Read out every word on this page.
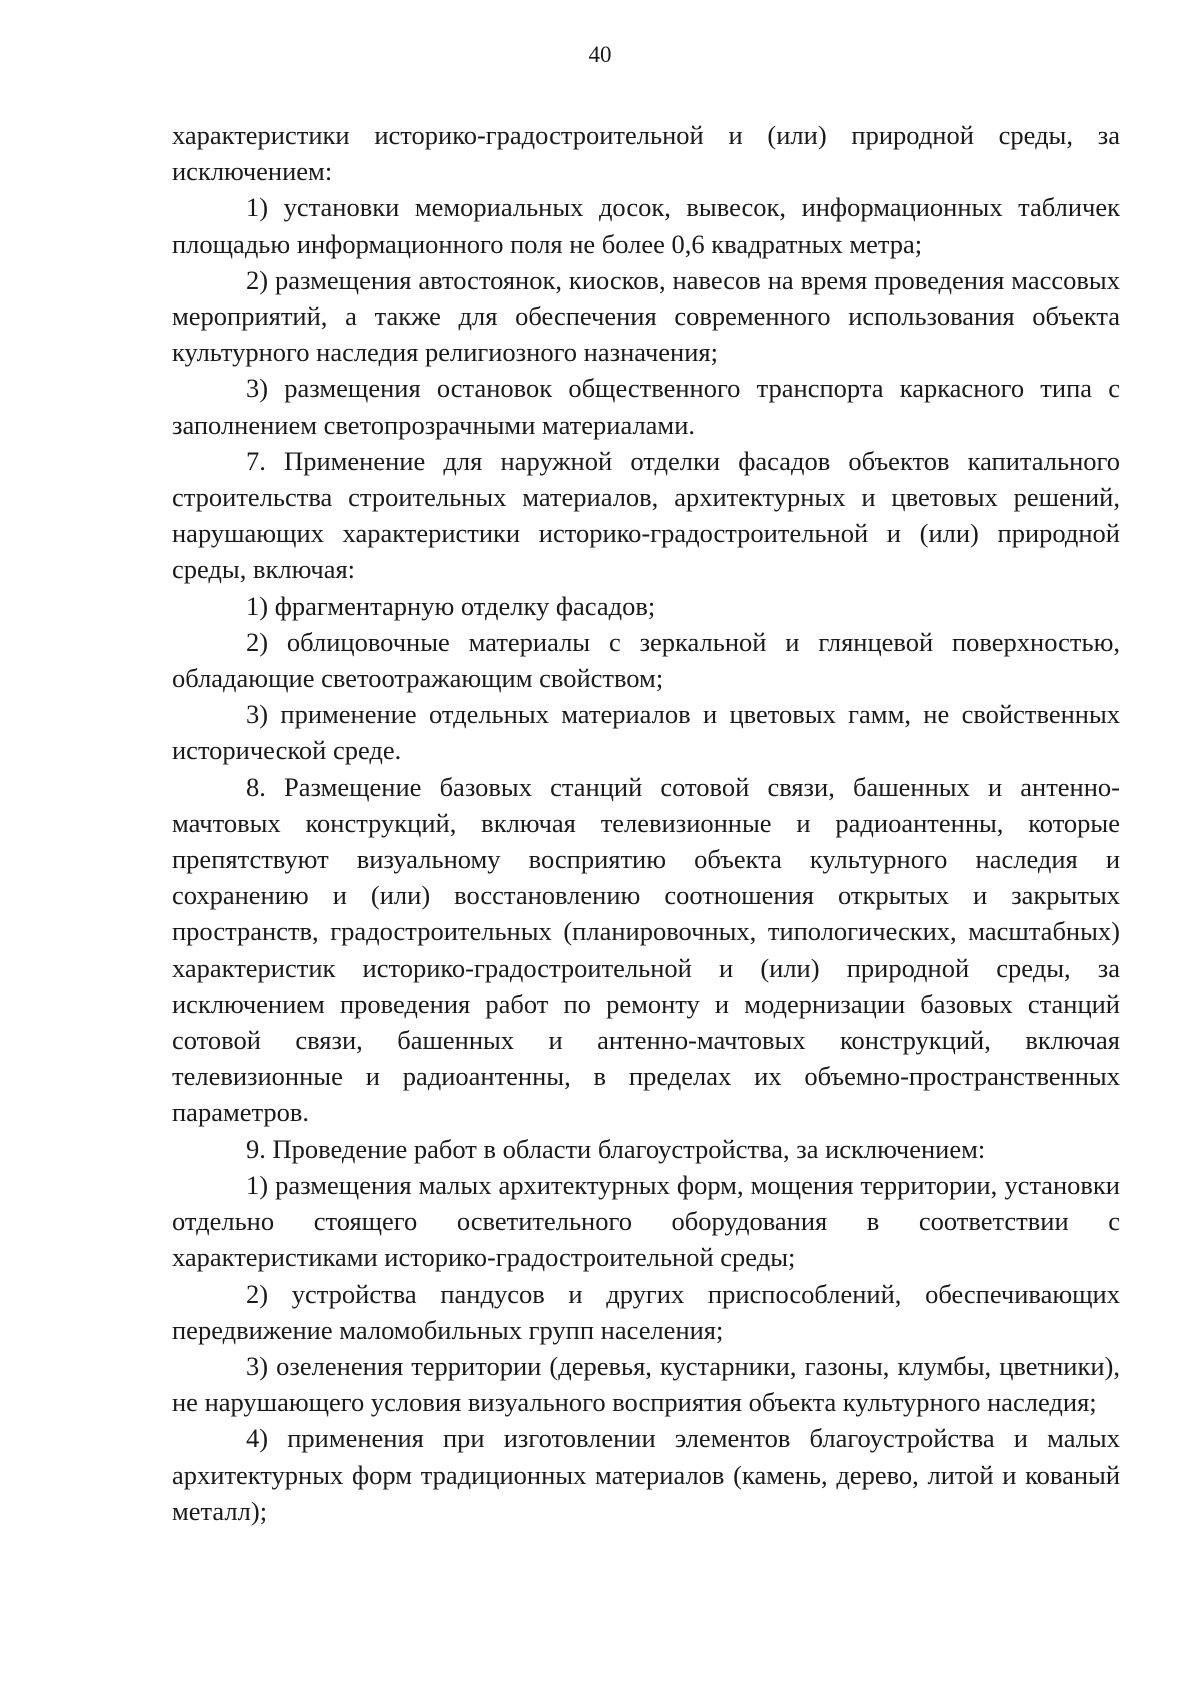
40

характеристики историко-градостроительной и (или) природной среды, за исключением:

1) установки мемориальных досок, вывесок, информационных табличек площадью информационного поля не более 0,6 квадратных метра;

2) размещения автостоянок, киосков, навесов на время проведения массовых мероприятий, а также для обеспечения современного использования объекта культурного наследия религиозного назначения;

3) размещения остановок общественного транспорта каркасного типа с заполнением светопрозрачными материалами.

7. Применение для наружной отделки фасадов объектов капитального строительства строительных материалов, архитектурных и цветовых решений, нарушающих характеристики историко-градостроительной и (или) природной среды, включая:

1) фрагментарную отделку фасадов;

2) облицовочные материалы с зеркальной и глянцевой поверхностью, обладающие светоотражающим свойством;

3) применение отдельных материалов и цветовых гамм, не свойственных исторической среде.

8. Размещение базовых станций сотовой связи, башенных и антенно-мачтовых конструкций, включая телевизионные и радиоантенны, которые препятствуют визуальному восприятию объекта культурного наследия и сохранению и (или) восстановлению соотношения открытых и закрытых пространств, градостроительных (планировочных, типологических, масштабных) характеристик историко-градостроительной и (или) природной среды, за исключением проведения работ по ремонту и модернизации базовых станций сотовой связи, башенных и антенно-мачтовых конструкций, включая телевизионные и радиоантенны, в пределах их объемно-пространственных параметров.

9. Проведение работ в области благоустройства, за исключением:

1) размещения малых архитектурных форм, мощения территории, установки отдельно стоящего осветительного оборудования в соответствии с характеристиками историко-градостроительной среды;

2) устройства пандусов и других приспособлений, обеспечивающих передвижение маломобильных групп населения;

3) озеленения территории (деревья, кустарники, газоны, клумбы, цветники), не нарушающего условия визуального восприятия объекта культурного наследия;

4) применения при изготовлении элементов благоустройства и малых архитектурных форм традиционных материалов (камень, дерево, литой и кованый металл);
